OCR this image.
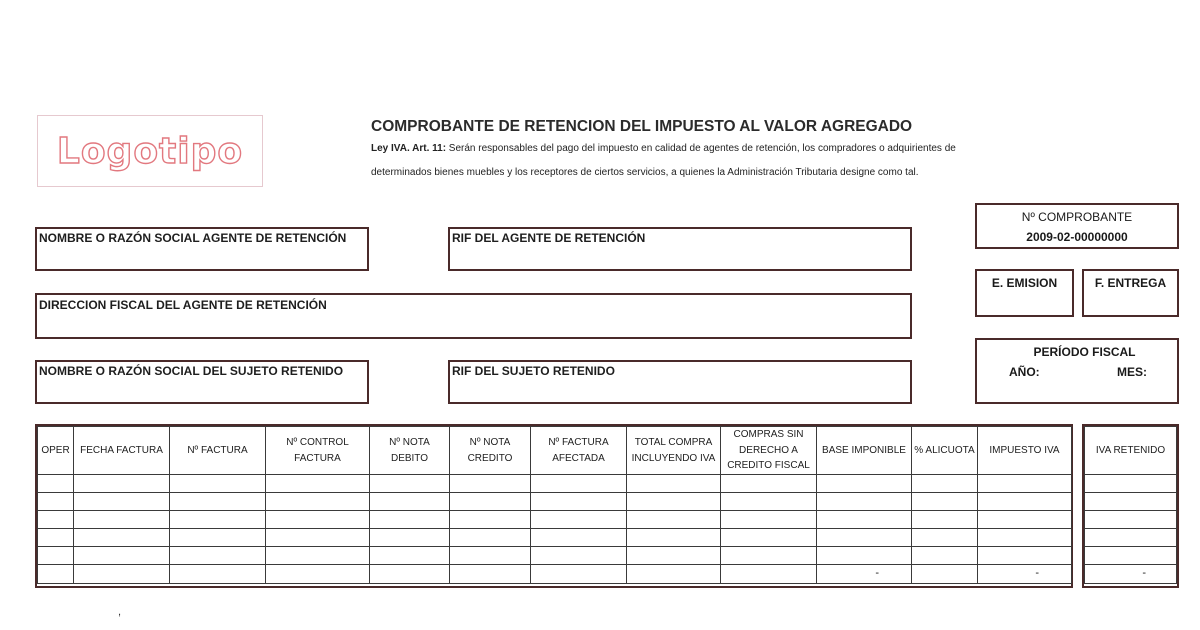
Logotipo
COMPROBANTE DE RETENCION DEL IMPUESTO AL VALOR AGREGADO
Ley IVA. Art. 11: Serán responsables del pago del impuesto en calidad de agentes de retención, los compradores o adquirientes de
determinados bienes muebles y los receptores de ciertos servicios, a quienes la Administración Tributaria designe como tal.
NOMBRE O RAZÓN SOCIAL AGENTE DE RETENCIÓN	RIF DEL AGENTE DE RETENCIÓN
DIRECCION FISCAL DEL AGENTE DE RETENCIÓN
NOMBRE O RAZÓN SOCIAL DEL SUJETO RETENIDO	RIF DEL SUJETO RETENIDO
Nº COMPROBANTE
2009-02-00000000
E. EMISION	F. ENTREGA
PERÍODO FISCAL
AÑO:	MES:
OPER	FECHA FACTURA	Nº FACTURA	Nº CONTROL FACTURA	Nº NOTA DEBITO	Nº NOTA CREDITO	Nº FACTURA AFECTADA	TOTAL COMPRA INCLUYENDO IVA	COMPRAS SIN DERECHO A CREDITO FISCAL	BASE IMPONIBLE	% ALICUOTA	IMPUESTO IVA

									-		-
IVA RETENIDO

-
,
